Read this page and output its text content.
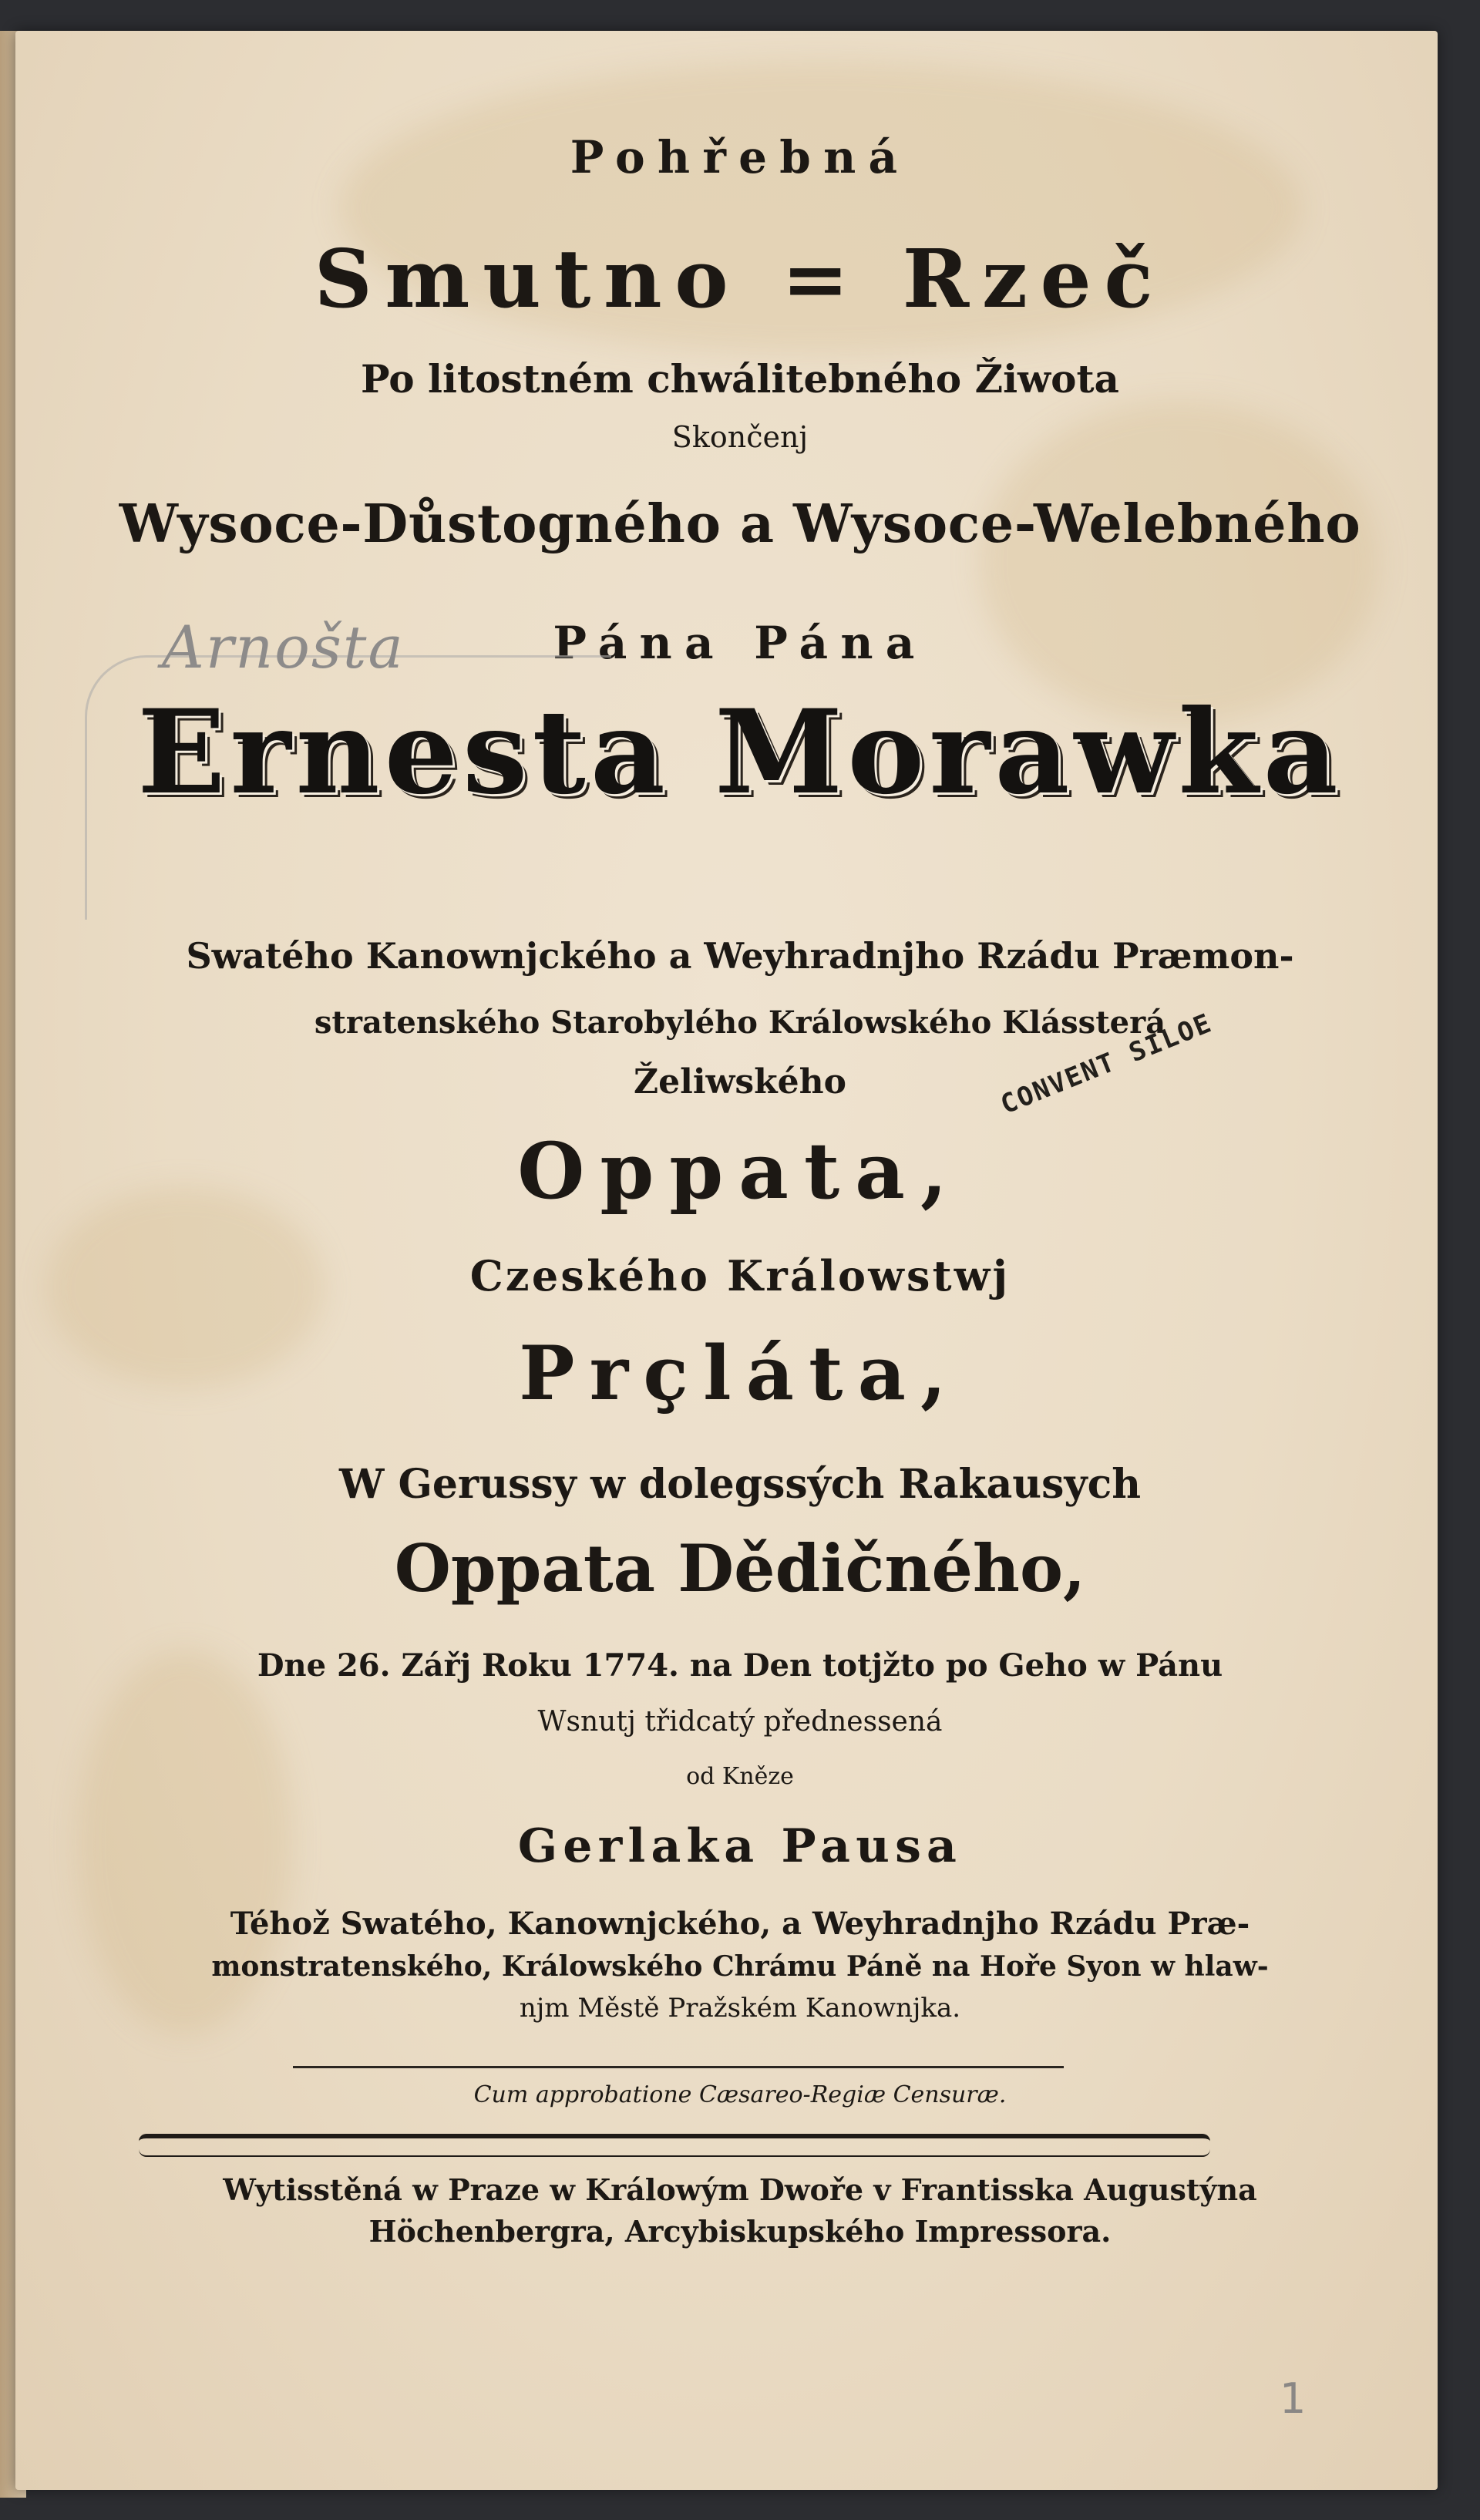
Pohřebná
Smutno = Rzeč
Po litostném chwálitebného Žiwota
Skončenj
Wysoce-Důstogného a Wysoce-Welebného
Pána Pána
Ernesta Morawka
Swatého Kanownjckého a Weyhradnjho Rzádu Præmon-
stratenského Starobylého Králowského Klássterá
Želiwského
Oppata,
Czeského Králowstwj
Prҫláta,
W Gerussy w dolegssých Rakausych
Oppata Dědičného,
Dne 26. Zářj Roku 1774. na Den totjžto po Geho w Pánu
Wsnutj třidcatý přednessená
od Kněze
Gerlaka Pausa
Téhož Swatého, Kanownjckého, a Weyhradnjho Rzádu Præ-
monstratenského, Králowského Chrámu Páně na Hoře Syon w hlaw-
njm Městě Pražském Kanownjka.
Cum approbatione Cæsareo-Regiæ Censuræ.
Wytisstěná w Praze w Králowým Dwoře v Frantisska Augustýna
Höchenbergra, Arcybiskupského Impressora.
Arnošta
CONVENT SILOE
1
